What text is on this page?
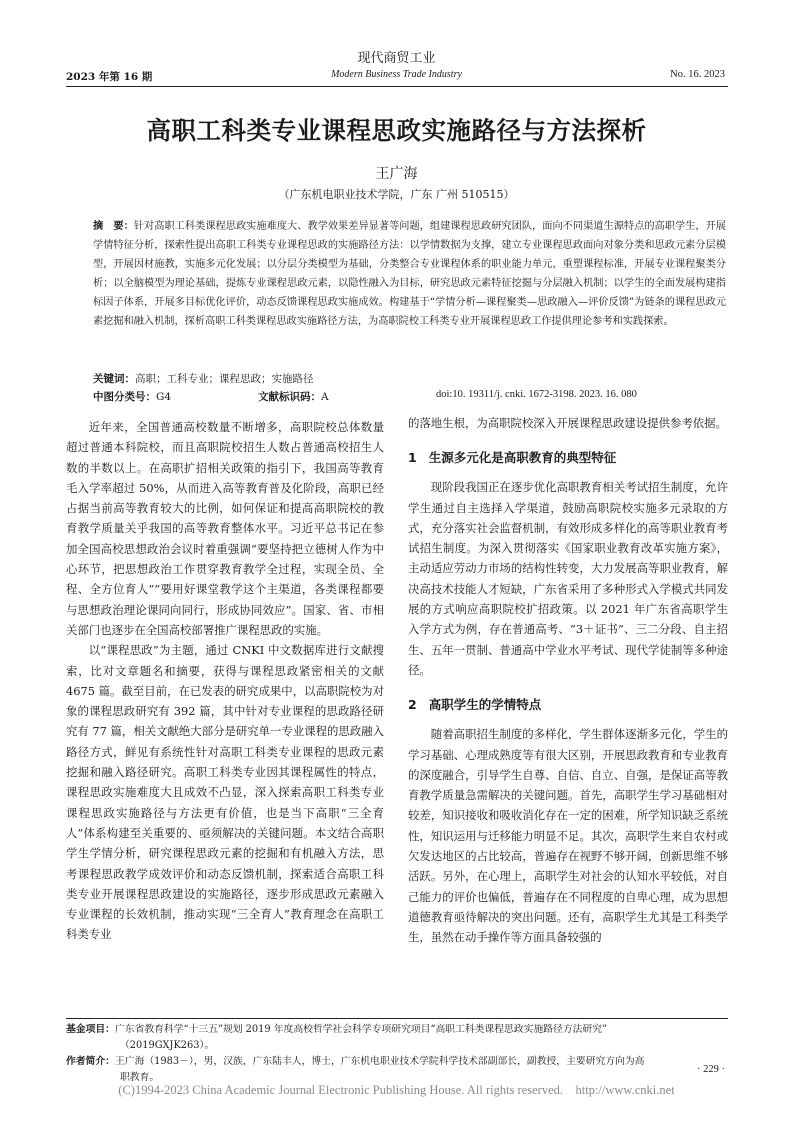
现代商贸工业
2023 年第 16 期	Modern Business Trade Industry	No. 16. 2023
高职工科类专业课程思政实施路径与方法探析
王广海
（广东机电职业技术学院，广东 广州 510515）
摘　要：针对高职工科类课程思政实施难度大、教学效果差异显著等问题，组建课程思政研究团队，面向不同渠道生源特点的高职学生，开展学情特征分析，探索性提出高职工科类专业课程思政的实施路径方法：以学情数据为支撑，建立专业课程思政面向对象分类和思政元素分层模型，开展因材施教，实施多元化发展；以分层分类模型为基础，分类整合专业课程体系的职业能力单元，重塑课程标准，开展专业课程聚类分析；以全脑模型为理论基础，提炼专业课程思政元素，以隐性融入为目标，研究思政元素特征挖掘与分层融入机制；以学生的全面发展构建指标因子体系，开展多目标优化评价，动态反馈课程思政实施成效。构建基于“学情分析—课程聚类—思政融入—评价反馈”为链条的课程思政元素挖掘和融入机制，探析高职工科类课程思政实施路径方法，为高职院校工科类专业开展课程思政工作提供理论参考和实践探索。
关键词：高职；工科专业；课程思政；实施路径
中图分类号：G4	文献标识码：A	doi:10. 19311/j. cnki. 1672-3198. 2023. 16. 080

近年来，全国普通高校数量不断增多，高职院校总体数量超过普通本科院校，而且高职院校招生人数占普通高校招生人数的半数以上。在高职扩招相关政策的指引下，我国高等教育毛入学率超过 50%，从而进入高等教育普及化阶段，高职已经占据当前高等教育较大的比例，如何保证和提高高职院校的教育教学质量关乎我国的高等教育整体水平。习近平总书记在参加全国高校思想政治会议时着重强调“要坚持把立德树人作为中心环节，把思想政治工作贯穿教育教学全过程，实现全员、全程、全方位育人”“要用好课堂教学这个主渠道，各类课程都要与思想政治理论课同向同行，形成协同效应”。国家、省、市相关部门也逐步在全国高校部署推广课程思政的实施。

以“课程思政”为主题，通过 CNKI 中文数据库进行文献搜索，比对文章题名和摘要，获得与课程思政紧密相关的文献 4675 篇。截至目前，在已发表的研究成果中，以高职院校为对象的课程思政研究有 392 篇，其中针对专业课程的思政路径研究有 77 篇，相关文献绝大部分是研究单一专业课程的思政融入路径方式，鲜见有系统性针对高职工科类专业课程的思政元素挖掘和融入路径研究。高职工科类专业因其课程属性的特点，课程思政实施难度大且成效不凸显，深入探索高职工科类专业课程思政实施路径与方法更有价值，也是当下高职“三全育人”体系构建至关重要的、亟须解决的关键问题。本文结合高职学生学情分析，研究课程思政元素的挖掘和有机融入方法，思考课程思政教学成效评价和动态反馈机制，探索适合高职工科类专业开展课程思政建设的实施路径，逐步形成思政元素融入专业课程的长效机制，推动实现“三全育人”教育理念在高职工科类专业

的落地生根，为高职院校深入开展课程思政建设提供参考依据。

1 生源多元化是高职教育的典型特征

现阶段我国正在逐步优化高职教育相关考试招生制度，允许学生通过自主选择入学渠道，鼓励高职院校实施多元录取的方式，充分落实社会监督机制，有效形成多样化的高等职业教育考试招生制度。为深入贯彻落实《国家职业教育改革实施方案》，主动适应劳动力市场的结构性转变，大力发展高等职业教育，解决高技术技能人才短缺，广东省采用了多种形式入学模式共同发展的方式响应高职院校扩招政策。以 2021 年广东省高职学生入学方式为例，存在普通高考、“3＋证书”、三二分段、自主招生、五年一贯制、普通高中学业水平考试、现代学徒制等多种途径。

2 高职学生的学情特点

随着高职招生制度的多样化，学生群体逐渐多元化，学生的学习基础、心理成熟度等有很大区别，开展思政教育和专业教育的深度融合，引导学生自尊、自信、自立、自强，是保证高等教育教学质量急需解决的关键问题。首先，高职学生学习基础相对较差，知识接收和吸收消化存在一定的困难，所学知识缺乏系统性，知识运用与迁移能力明显不足。其次，高职学生来自农村或欠发达地区的占比较高，普遍存在视野不够开阔，创新思维不够活跃。另外，在心理上，高职学生对社会的认知水平较低，对自己能力的评价也偏低，普遍存在不同程度的自卑心理，成为思想道德教育亟待解决的突出问题。还有，高职学生尤其是工科类学生，虽然在动手操作等方面具备较强的

基金项目：广东省教育科学“十三五”规划 2019 年度高校哲学社会科学专项研究项目“高职工科类课程思政实施路径方法研究”
（2019GXJK263）。
作者简介：王广海（1983－），男，汉族，广东陆丰人，博士，广东机电职业技术学院科学技术部副部长，副教授，主要研究方向为高
职教育。
· 229 ·
(C)1994-2023 China Academic Journal Electronic Publishing House. All rights reserved.    http://www.cnki.net
